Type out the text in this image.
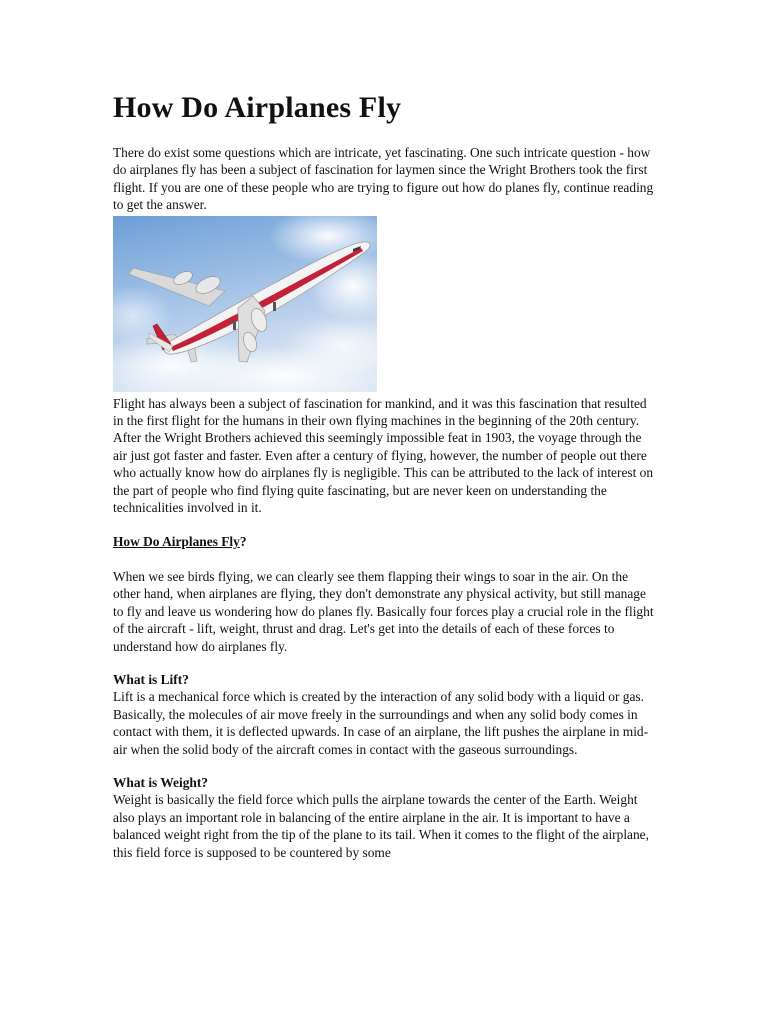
How Do Airplanes Fly

There do exist some questions which are intricate, yet fascinating. One such intricate question - how do airplanes fly has been a subject of fascination for laymen since the Wright Brothers took the first flight. If you are one of these people who are trying to figure out how do planes fly, continue reading to get the answer.

Flight has always been a subject of fascination for mankind, and it was this fascination that resulted in the first flight for the humans in their own flying machines in the beginning of the 20th century. After the Wright Brothers achieved this seemingly impossible feat in 1903, the voyage through the air just got faster and faster. Even after a century of flying, however, the number of people out there who actually know how do airplanes fly is negligible. This can be attributed to the lack of interest on the part of people who find flying quite fascinating, but are never keen on understanding the technicalities involved in it.

How Do Airplanes Fly?

When we see birds flying, we can clearly see them flapping their wings to soar in the air. On the other hand, when airplanes are flying, they don't demonstrate any physical activity, but still manage to fly and leave us wondering how do planes fly. Basically four forces play a crucial role in the flight of the aircraft - lift, weight, thrust and drag. Let's get into the details of each of these forces to understand how do airplanes fly.

What is Lift?

Lift is a mechanical force which is created by the interaction of any solid body with a liquid or gas. Basically, the molecules of air move freely in the surroundings and when any solid body comes in contact with them, it is deflected upwards. In case of an airplane, the lift pushes the airplane in mid-air when the solid body of the aircraft comes in contact with the gaseous surroundings.

What is Weight?

Weight is basically the field force which pulls the airplane towards the center of the Earth. Weight also plays an important role in balancing of the entire airplane in the air. It is important to have a balanced weight right from the tip of the plane to its tail. When it comes to the flight of the airplane, this field force is supposed to be countered by some
